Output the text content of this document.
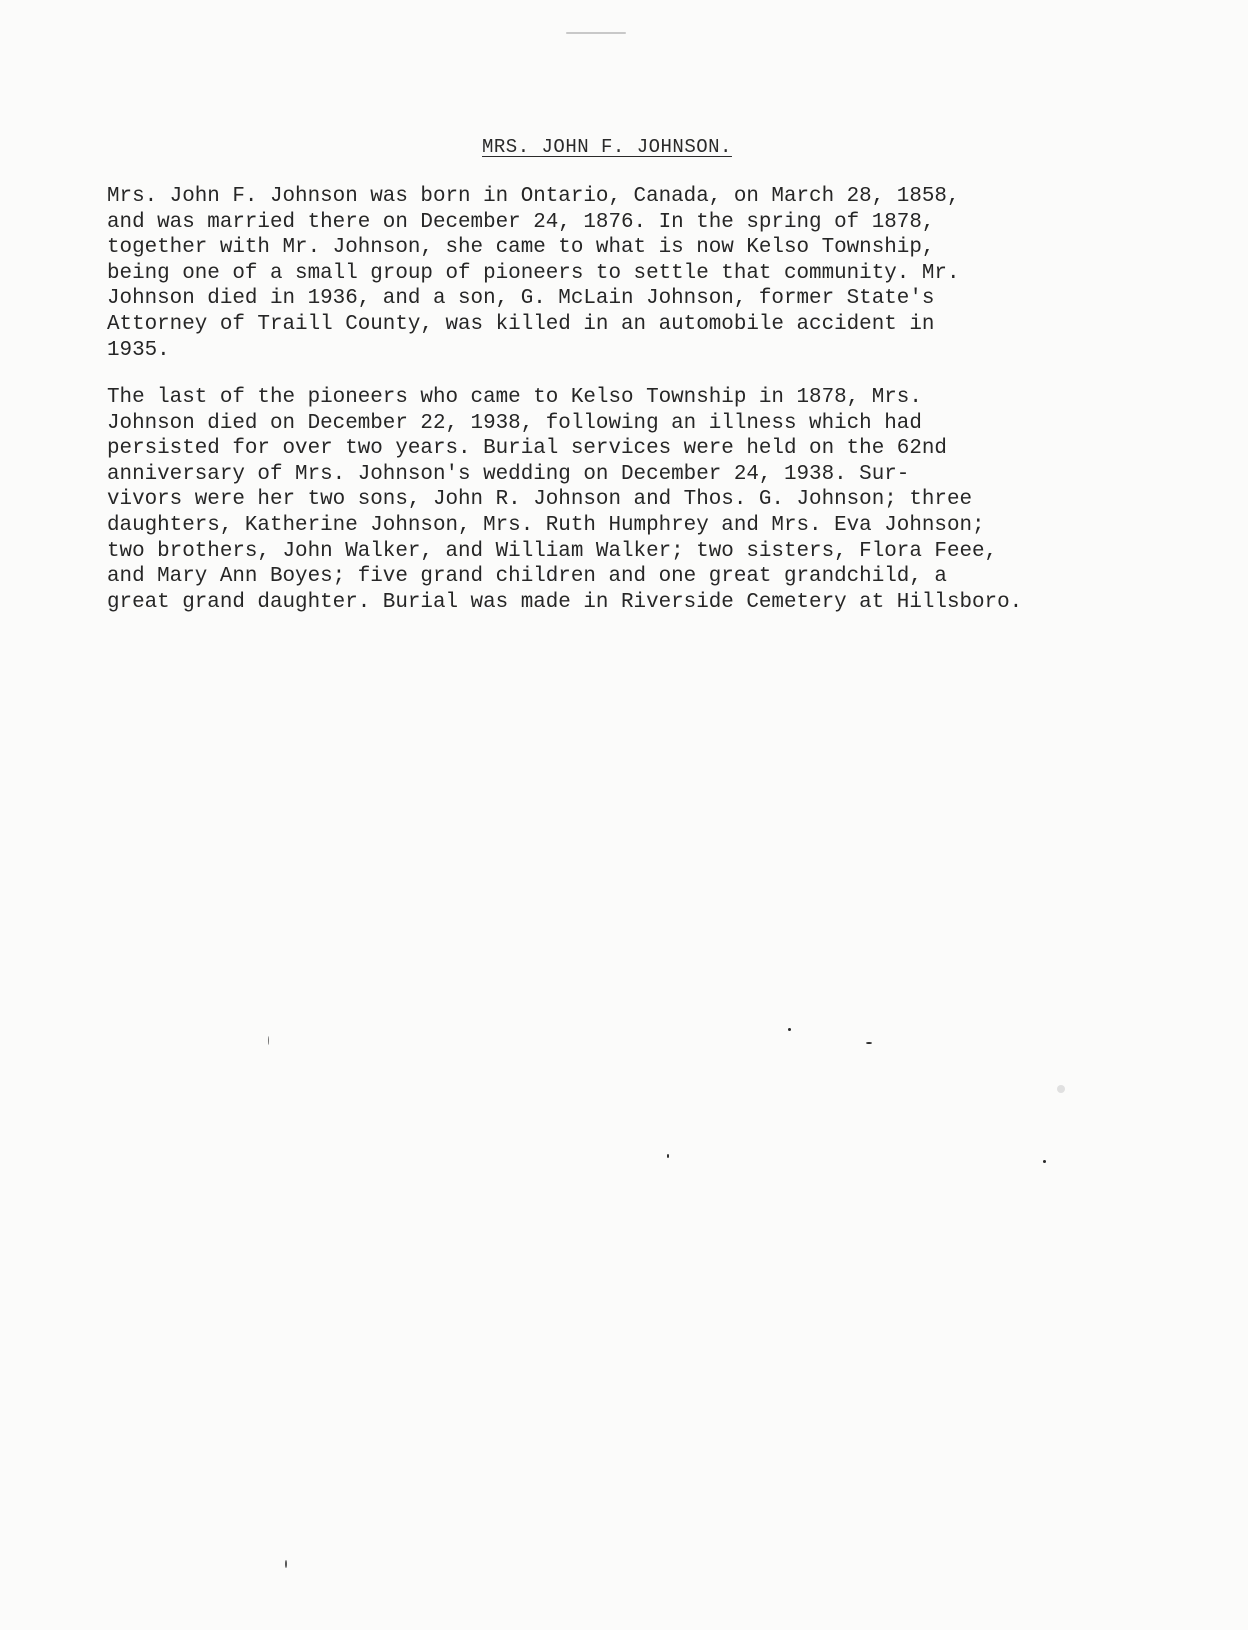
MRS. JOHN F. JOHNSON.
Mrs. John F. Johnson was born in Ontario, Canada, on March 28, 1858,
and was married there on December 24, 1876. In the spring of 1878,
together with Mr. Johnson, she came to what is now Kelso Township,
being one of a small group of pioneers to settle that community. Mr.
Johnson died in 1936, and a son, G. McLain Johnson, former State's
Attorney of Traill County, was killed in an automobile accident in
1935.
The last of the pioneers who came to Kelso Township in 1878, Mrs.
Johnson died on December 22, 1938, following an illness which had
persisted for over two years. Burial services were held on the 62nd
anniversary of Mrs. Johnson's wedding on December 24, 1938. Sur-
vivors were her two sons, John R. Johnson and Thos. G. Johnson; three
daughters, Katherine Johnson, Mrs. Ruth Humphrey and Mrs. Eva Johnson;
two brothers, John Walker, and William Walker; two sisters, Flora Feee,
and Mary Ann Boyes; five grand children and one great grandchild, a
great grand daughter. Burial was made in Riverside Cemetery at Hillsboro.
